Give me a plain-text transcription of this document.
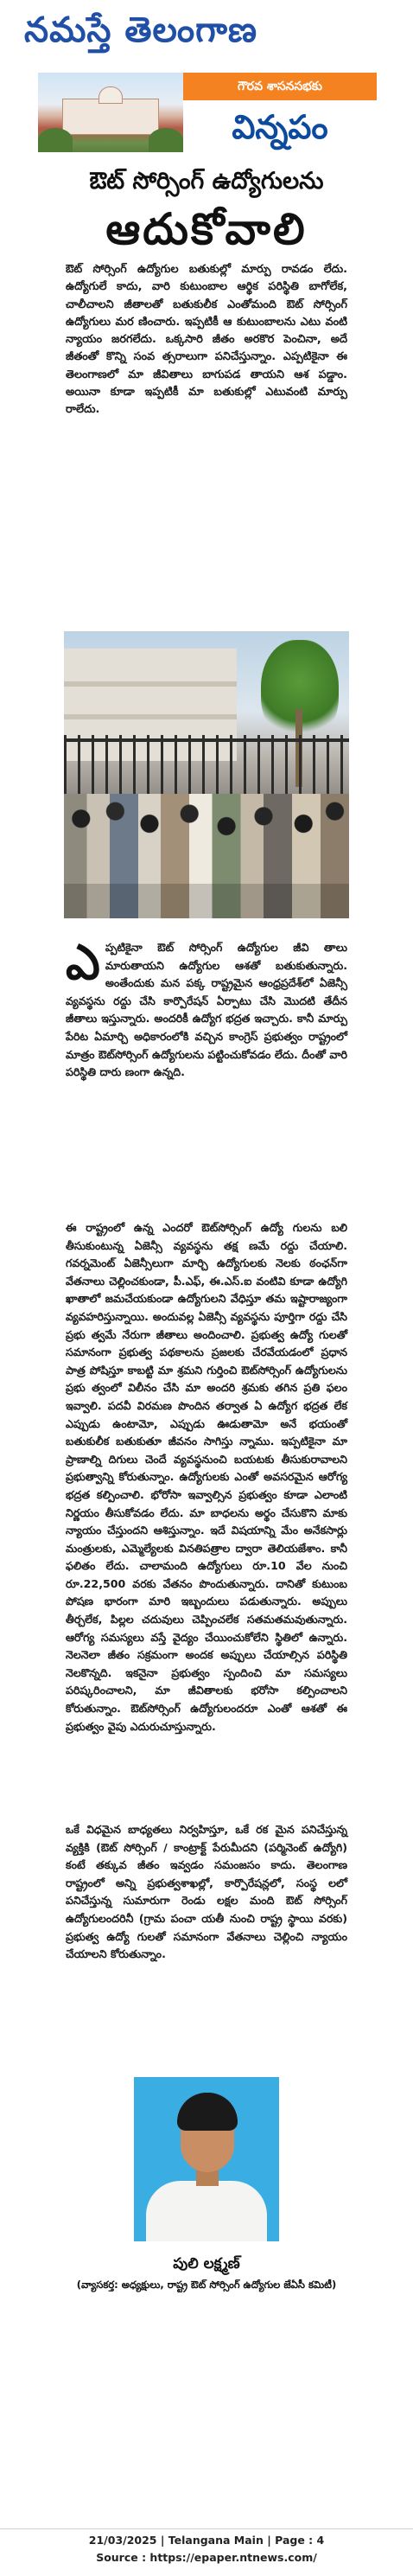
నమస్తే తెలంగాణ
గౌరవ శాసనసభకు
విన్నపం
ఔట్ సోర్సింగ్ ఉద్యోగులను
ఆదుకోవాలి

ఔట్ సోర్సింగ్ ఉద్యోగుల బతుకుల్లో మార్పు రావడం లేదు. ఉద్యోగులే కాదు, వారి కుటుంబాల ఆర్థిక పరిస్థితి బాగోలేక, చాలీచాలని జీతాలతో బతుకులీక ఎంతోమంది ఔట్ సోర్సింగ్ ఉద్యోగులు మర ణించారు. ఇప్పటికీ ఆ కుటుంబాలను ఎటు వంటి న్యాయం జరగలేదు. ఒక్కసారి జీతం అరకొర పెంచినా, అదే జీతంతో కొన్ని సంవ త్సరాలుగా పనిచేస్తున్నాం. ఎప్పటికైనా ఈ తెలంగాణలో మా జీవితాలు బాగుపడ తాయని ఆశ పడ్డాం. అయినా కూడా ఇప్పటికీ మా బతుకుల్లో ఎటువంటి మార్పు రాలేదు.

ఎప్పటికైనా ఔట్ సోర్సింగ్ ఉద్యోగుల జీవి తాలు మారుతాయని ఉద్యోగుల ఆశతో బతుకుతున్నారు. అంతేందుకు మన పక్క రాష్ట్రమైన ఆంధ్రప్రదేశ్‌లో ఏజెన్సీ వ్యవస్థను రద్దు చేసి కార్పొరేషన్ ఏర్పాటు చేసి మొదటి తేదీన జీతాలు ఇస్తున్నారు. అందరికీ ఉద్యోగ భద్రత ఇచ్చారు. కానీ మార్పు పేరిట ఏమార్చి అధికారంలోకి వచ్చిన కాంగ్రెస్ ప్రభుత్వం రాష్ట్రంలో మాత్రం ఔట్‌సోర్సింగ్ ఉద్యోగులను పట్టించుకోవడం లేదు. దీంతో వారి పరిస్థితి దారు ణంగా ఉన్నది.

ఈ రాష్ట్రంలో ఉన్న ఎందరో ఔట్‌సోర్సింగ్ ఉద్యో గులను బలి తీసుకుంటున్న ఏజెన్సీ వ్యవస్థను తక్ష ణమే రద్దు చేయాలి. గవర్నమెంట్ ఏజెన్సీలుగా మార్చి ఉద్యోగులకు నెలకు ఠంఛన్‌గా వేతనాలు చెల్లించకుండా, పీ.ఎఫ్, ఈ.ఎస్.ఐ వంటివి కూడా ఉద్యోగి ఖాతాలో జమచేయకుండా ఉద్యోగులని వేధిస్తూ తమ ఇష్టారాజ్యంగా వ్యవహరిస్తున్నాయి. అందువల్ల ఏజెన్సీ వ్యవస్థను పూర్తిగా రద్దు చేసి ప్రభు త్వమే నేరుగా జీతాలు అందించాలి. ప్రభుత్వ ఉద్యో గులతో సమానంగా ప్రభుత్వ పథకాలను ప్రజలకు చేరవేయడంలో ప్రధాన పాత్ర పోషిస్తూ కాబట్టి మా శ్రమని గుర్తించి ఔట్‌సోర్సింగ్ ఉద్యోగులను ప్రభు త్వంలో విలీనం చేసి మా అందరి శ్రమకు తగిన ప్రతి ఫలం ఇవ్వాలి. పదవీ విరమణ పొందిన తర్వాత ఏ ఉద్యోగ భద్రత లేక ఎప్పుడు ఉంటామో, ఎప్పుడు ఊడుతామో అనే భయంతో బతుకులీక బతుకుతూ జీవనం సాగిస్తు న్నాము. ఇప్పటికైనా మా ప్రాణాల్ని దిగులు చెందే వ్యవస్థనుంచి బయటకు తీసుకురావాలని ప్రభుత్వాన్ని కోరుతున్నాం. ఉద్యోగులకు ఎంతో అవసరమైన ఆరోగ్య భద్రత కల్పించాలి. భోరోసా ఇవ్వాల్సిన ప్రభుత్వం కూడా ఎలాంటి నిర్ణయం తీసుకోవడం లేదు. మా బాధలను అర్థం చేసుకొని మాకు న్యాయం చేస్తుందని ఆశిస్తున్నాం. ఇదే విషయాన్ని మేం అనేకసార్లు మంత్రులకు, ఎమ్మెల్యేలకు వినతిపత్రాల ద్వారా తెలియజేశాం. కానీ ఫలితం లేదు. చాలామంది ఉద్యోగులు రూ.10 వేల నుంచి రూ.22,500 వరకు వేతనం పొందుతున్నారు. దానితో కుటుంబ పోషణ భారంగా మారి ఇబ్బందులు పడుతున్నారు. అప్పులు తీర్చలేక, పిల్లల చదువులు చెప్పించలేక సతమతమవుతున్నారు. ఆరోగ్య సమస్యలు వస్తే వైద్యం చేయించుకోలేని స్థితిలో ఉన్నారు. నెలనెలా జీతం సక్రమంగా అందక అప్పులు చేయాల్సిన పరిస్థితి నెలకొన్నది. ఇకనైనా ప్రభుత్వం స్పందించి మా సమస్యలు పరిష్కరించాలని, మా జీవితాలకు భరోసా కల్పించాలని కోరుతున్నాం. ఔట్‌సోర్సింగ్ ఉద్యోగులందరూ ఎంతో ఆశతో ఈ ప్రభుత్వం వైపు ఎదురుచూస్తున్నారు.

ఒకే విధమైన బాధ్యతలు నిర్వహిస్తూ, ఒకే రక మైన పనిచేస్తున్న వ్యక్తికి (ఔట్ సోర్సింగ్ / కాంట్రాక్ట్ పేరుమీదని (పర్మినెంట్ ఉద్యోగి) కంటే తక్కువ జీతం ఇవ్వడం సమంజసం కాదు. తెలంగాణ రాష్ట్రంలో అన్ని ప్రభుత్వశాఖల్లో, కార్పొరేషన్లలో, సంస్థ లలో పనిచేస్తున్న సుమారుగా రెండు లక్షల మంది ఔట్ సోర్సింగ్ ఉద్యోగులందరినీ (గ్రామ పంచా యతీ నుంచి రాష్ట్ర స్థాయి వరకు) ప్రభుత్వ ఉద్యో గులతో సమానంగా వేతనాలు చెల్లించి న్యాయం చేయాలని కోరుతున్నాం.

పులి లక్ష్మణ్

(వ్యాసకర్త: అధ్యక్షులు, రాష్ట్ర ఔట్ సోర్సింగ్ ఉద్యోగుల జేఏసీ కమిటీ)

21/03/2025 | Telangana Main | Page : 4
Source : https://epaper.ntnews.com/
